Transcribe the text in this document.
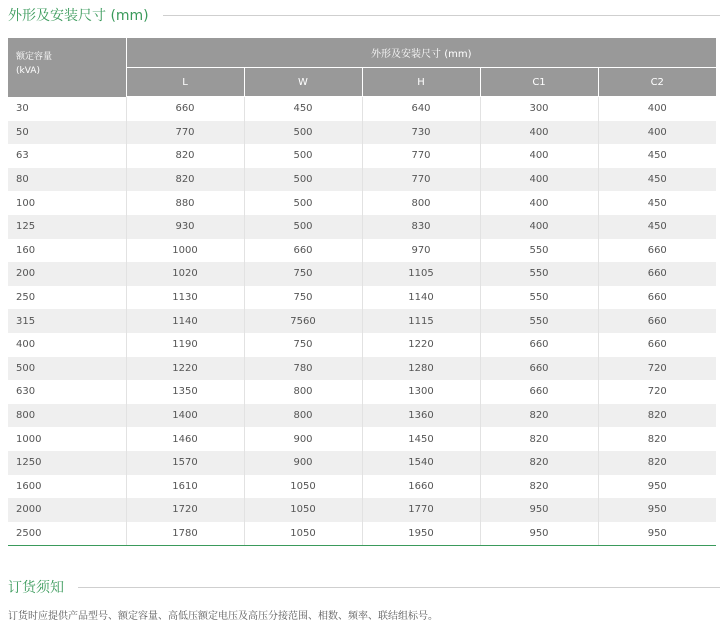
外形及安装尺寸 (mm)
额定容量
(kVA)	外形及安装尺寸 (mm)				
	L	W	H	C1	C2
30	660	450	640	300	400
50	770	500	730	400	400
63	820	500	770	400	450
80	820	500	770	400	450
100	880	500	800	400	450
125	930	500	830	400	450
160	1000	660	970	550	660
200	1020	750	1105	550	660
250	1130	750	1140	550	660
315	1140	7560	1115	550	660
400	1190	750	1220	660	660
500	1220	780	1280	660	720
630	1350	800	1300	660	720
800	1400	800	1360	820	820
1000	1460	900	1450	820	820
1250	1570	900	1540	820	820
1600	1610	1050	1660	820	950
2000	1720	1050	1770	950	950
2500	1780	1050	1950	950	950
订货须知
订货时应提供产品型号、额定容量、高低压额定电压及高压分接范围、相数、频率、联结组标号。
